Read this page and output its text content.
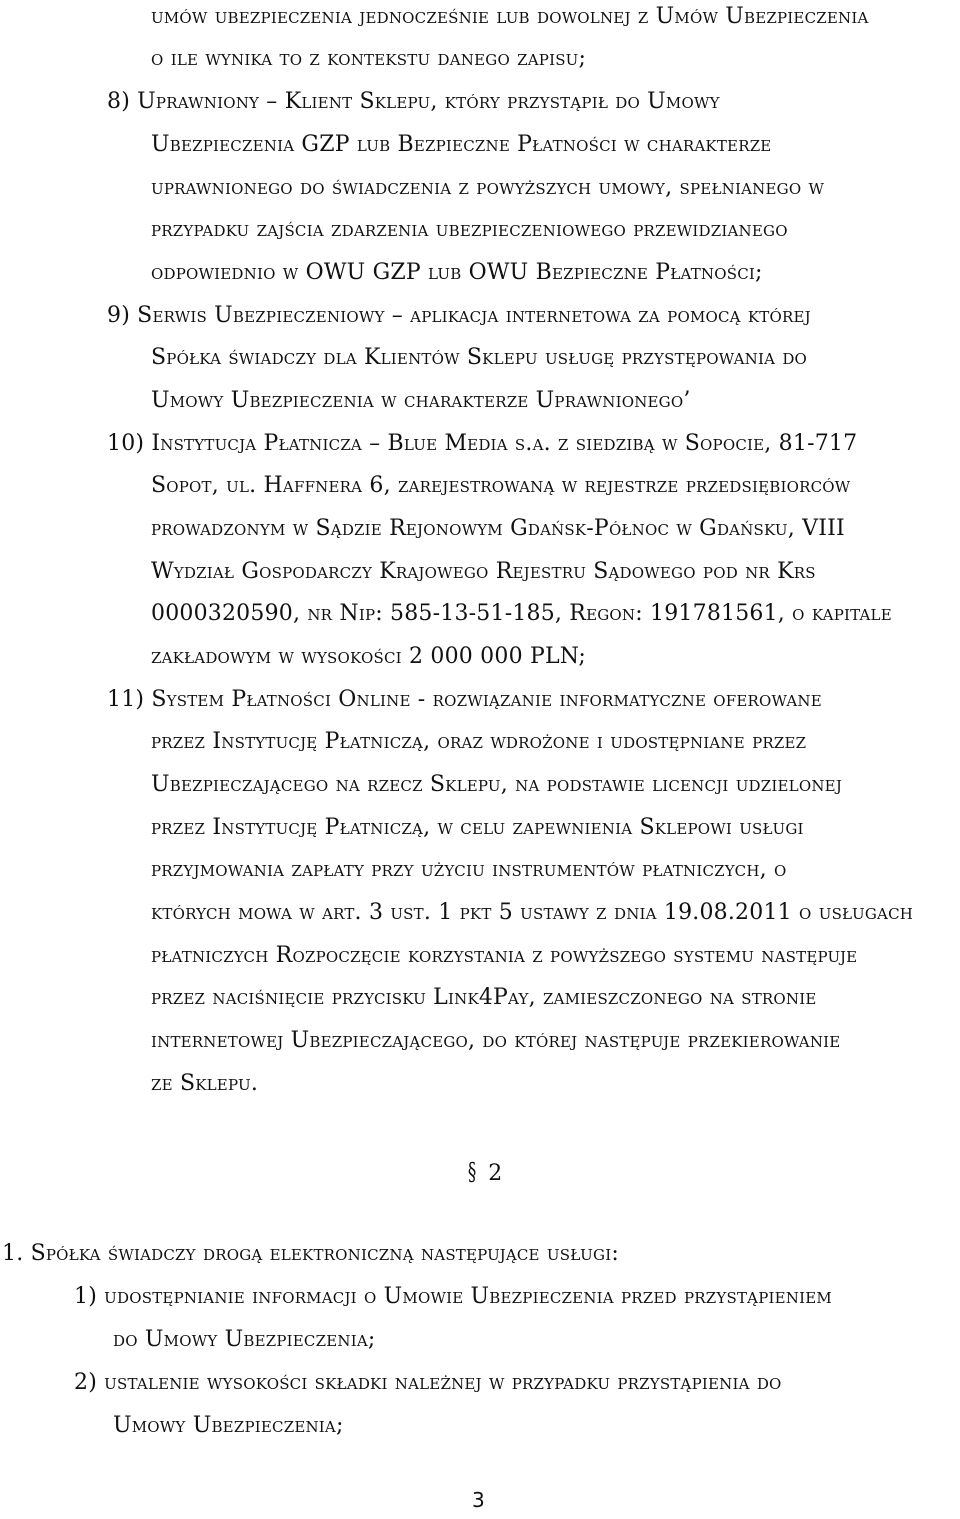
umów ubezpieczenia jednocześnie lub dowolnej z Umów Ubezpieczenia
o ile wynika to z kontekstu danego zapisu;
8) Uprawniony – Klient Sklepu, który przystąpił do Umowy
Ubezpieczenia GZP lub Bezpieczne Płatności w charakterze
uprawnionego do świadczenia z powyższych umowy, spełnianego w
przypadku zajścia zdarzenia ubezpieczeniowego przewidzianego
odpowiednio w OWU GZP lub OWU Bezpieczne Płatności;
9) Serwis Ubezpieczeniowy – aplikacja internetowa za pomocą której
Spółka świadczy dla Klientów Sklepu usługę przystępowania do
Umowy Ubezpieczenia w charakterze Uprawnionego’
10) Instytucja Płatnicza – Blue Media s.a. z siedzibą w Sopocie, 81-717
Sopot, ul. Haffnera 6, zarejestrowaną w rejestrze przedsiębiorców
prowadzonym w Sądzie Rejonowym Gdańsk-Północ w Gdańsku, VIII
Wydział Gospodarczy Krajowego Rejestru Sądowego pod nr Krs
0000320590, nr Nip: 585-13-51-185, Regon: 191781561, o kapitale
zakładowym w wysokości 2 000 000 PLN;
11) System Płatności Online - rozwiązanie informatyczne oferowane
przez Instytucję Płatniczą, oraz wdrożone i udostępniane przez
Ubezpieczającego na rzecz Sklepu, na podstawie licencji udzielonej
przez Instytucję Płatniczą, w celu zapewnienia Sklepowi usługi
przyjmowania zapłaty przy użyciu instrumentów płatniczych, o
których mowa w art. 3 ust. 1 pkt 5 ustawy z dnia 19.08.2011 o usługach
płatniczych Rozpoczęcie korzystania z powyższego systemu następuje
przez naciśnięcie przycisku Link4Pay, zamieszczonego na stronie
internetowej Ubezpieczającego, do której następuje przekierowanie
ze Sklepu.
§ 2
1. Spółka świadczy drogą elektroniczną następujące usługi:
1) udostępnianie informacji o Umowie Ubezpieczenia przed przystąpieniem
do Umowy Ubezpieczenia;
2) ustalenie wysokości składki należnej w przypadku przystąpienia do
Umowy Ubezpieczenia;
3
